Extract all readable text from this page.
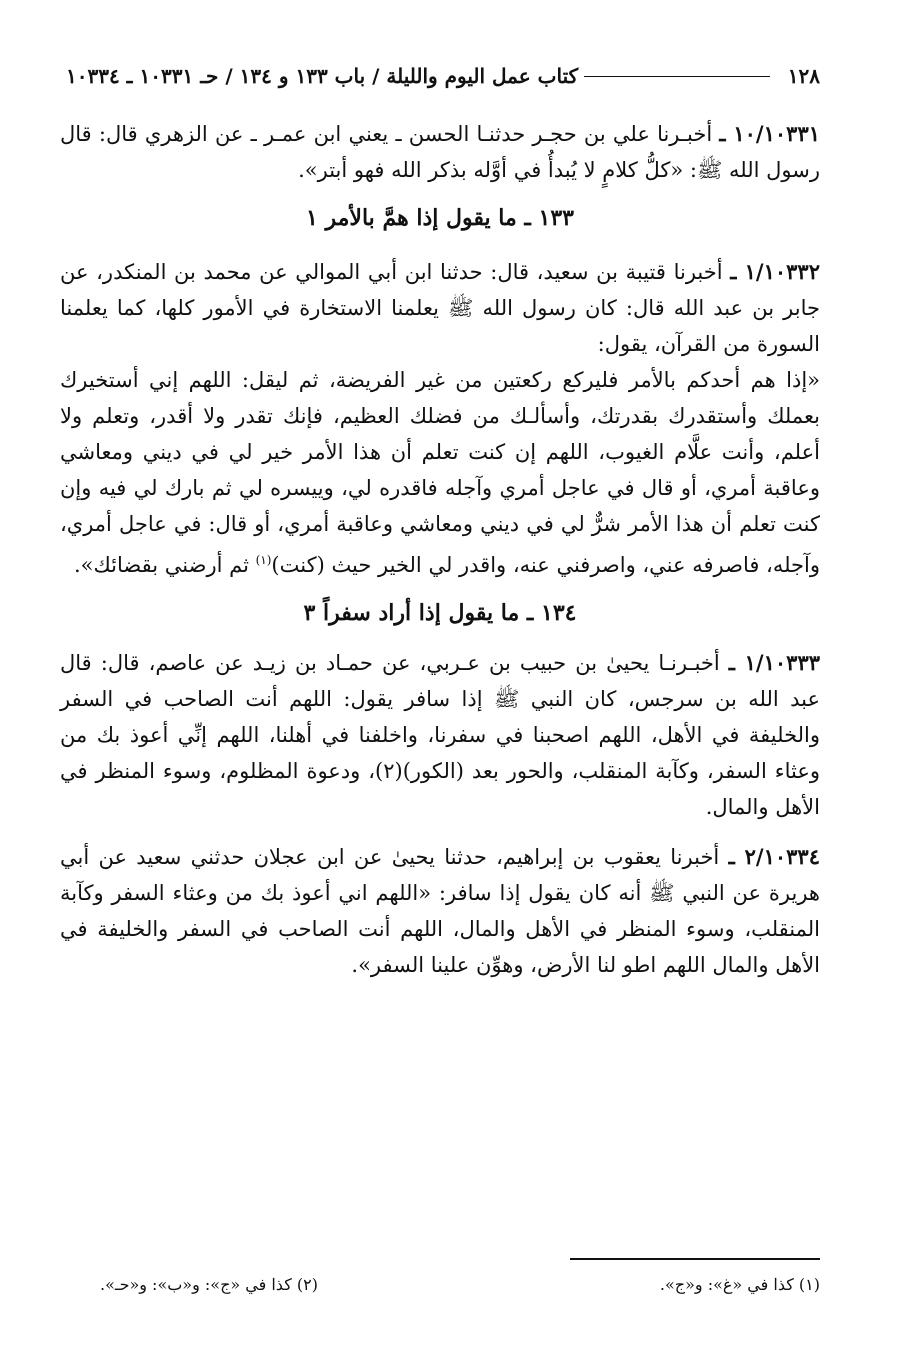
١٢٨
كتاب عمل اليوم والليلة / باب ١٣٣ و ١٣٤ / حـ ١٠٣٣١ ـ ١٠٣٣٤

١٠/١٠٣٣١ ـ أخبـرنا علي بن حجـر حدثنـا الحسن ـ يعني ابن عمـر ـ عن الزهري قال: قال رسول الله ﷺ: «كلُّ كلامٍ لا يُبدأُ في أوَّله بذكر الله فهو أبتر».

١٣٣ ـ ما يقول إذا همَّ بالأمر ١

١/١٠٣٣٢ ـ أخبرنا قتيبة بن سعيد، قال: حدثنا ابن أبي الموالي عن محمد بن المنكدر، عن جابر بن عبد الله قال: كان رسول الله ﷺ يعلمنا الاستخارة في الأمور كلها، كما يعلمنا السورة من القرآن، يقول:

«إذا هم أحدكم بالأمر فليركع ركعتين من غير الفريضة، ثم ليقل: اللهم إني أستخيرك بعملك وأستقدرك بقدرتك، وأسألـك من فضلك العظيم، فإنك تقدر ولا أقدر، وتعلم ولا أعلم، وأنت علَّام الغيوب، اللهم إن كنت تعلم أن هذا الأمر خير لي في ديني ومعاشي وعاقبة أمري، أو قال في عاجل أمري وآجله فاقدره لي، وييسره لي ثم بارك لي فيه وإن كنت تعلم أن هذا الأمر شرٌّ لي في ديني ومعاشي وعاقبة أمري، أو قال: في عاجل أمري، وآجله، فاصرفه عني، واصرفني عنه، واقدر لي الخير حيث (كنت)$^{(١)}$ ثم أرضني بقضائك».

١٣٤ ـ ما يقول إذا أراد سفراً ٣

١/١٠٣٣٣ ـ أخبـرنـا يحيىٰ بن حبيب بن عـربي، عن حمـاد بن زيـد عن عاصم، قال: قال عبد الله بن سرجس، كان النبي ﷺ إذا سافر يقول: اللهم أنت الصاحب في السفر والخليفة في الأهل، اللهم اصحبنا في سفرنا، واخلفنا في أهلنا، اللهم إنِّي أعوذ بك من وعثاء السفر، وكآبة المنقلب، والحور بعد (الكور)(٢)، ودعوة المظلوم، وسوء المنظر في الأهل والمال.

٢/١٠٣٣٤ ـ أخبرنا يعقوب بن إبراهيم، حدثنا يحيىٰ عن ابن عجلان حدثني سعيد عن أبي هريرة عن النبي ﷺ أنه كان يقول إذا سافر: «اللهم اني أعوذ بك من وعثاء السفر وكآبة المنقلب، وسوء المنظر في الأهل والمال، اللهم أنت الصاحب في السفر والخليفة في الأهل والمال اللهم اطو لنا الأرض، وهوِّن علينا السفر».

(١) كذا في «غ»: و«ج».
(٢) كذا في «ج»: و«ب»: و«حـ».
